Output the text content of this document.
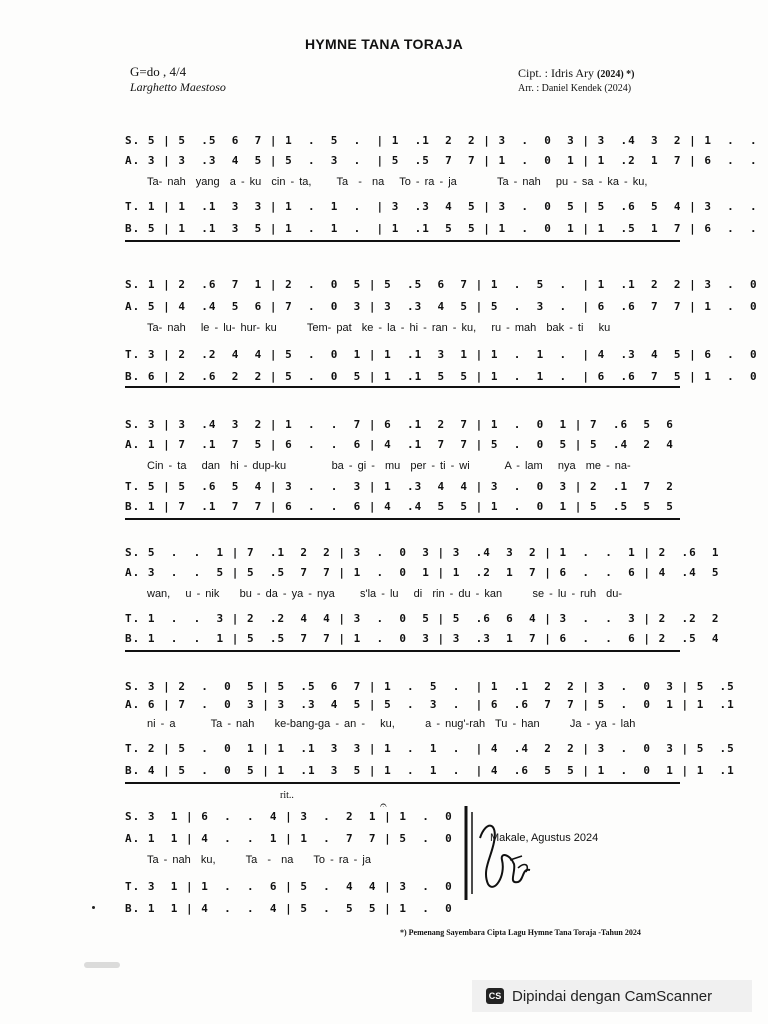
HYMNE TANA TORAJA
G=do , 4/4
Larghetto Maestoso
Cipt. : Idris Ary (2024) *)
Arr. : Daniel Kendek (2024)
S. 5 | 5  .5  6  7 | 1  .  5  .  | 1  .1  2  2 | 3  .  0  3 | 3  .4  3  2 | 1  .  .
A. 3 | 3  .3  4  5 | 5  .  3  .  | 5  .5  7  7 | 1  .  0  1 | 1  .2  1  7 | 6  .  .
Ta- nah  yang  a - ku  cin - ta,     Ta  -  na   To - ra - ja        Ta - nah   pu - sa - ka - ku,
T. 1 | 1  .1  3  3 | 1  .  1  .  | 3  .3  4  5 | 3  .  0  5 | 5  .6  5  4 | 3  .  .
B. 5 | 1  .1  3  5 | 1  .  1  .  | 1  .1  5  5 | 1  .  0  1 | 1  .5  1  7 | 6  .  .
S. 1 | 2  .6  7  1 | 2  .  0  5 | 5  .5  6  7 | 1  .  5  .  | 1  .1  2  2 | 3  .  0
A. 5 | 4  .4  5  6 | 7  .  0  3 | 3  .3  4  5 | 5  .  3  .  | 6  .6  7  7 | 1  .  0
Ta- nah   le - lu- hur- ku      Tem- pat  ke - la - hi - ran - ku,   ru - mah  bak - ti   ku
T. 3 | 2  .2  4  4 | 5  .  0  1 | 1  .1  3  1 | 1  .  1  .  | 4  .3  4  5 | 6  .  0
B. 6 | 2  .6  2  2 | 5  .  0  5 | 1  .1  5  5 | 1  .  1  .  | 6  .6  7  5 | 1  .  0
S. 3 | 3  .4  3  2 | 1  .  .  7 | 6  .1  2  7 | 1  .  0  1 | 7  .6  5  6
A. 1 | 7  .1  7  5 | 6  .  .  6 | 4  .1  7  7 | 5  .  0  5 | 5  .4  2  4
Cin - ta   dan  hi - dup-ku         ba - gi -  mu  per - ti - wi       A - lam   nya  me - na-
T. 5 | 5  .6  5  4 | 3  .  .  3 | 1  .3  4  4 | 3  .  0  3 | 2  .1  7  2
B. 1 | 7  .1  7  7 | 6  .  .  6 | 4  .4  5  5 | 1  .  0  1 | 5  .5  5  5
S. 5  .  .  1 | 7  .1  2  2 | 3  .  0  3 | 3  .4  3  2 | 1  .  .  1 | 2  .6  1
A. 3  .  .  5 | 5  .5  7  7 | 1  .  0  1 | 1  .2  1  7 | 6  .  .  6 | 4  .4  5
wan,   u - nik    bu - da - ya - nya     s'la - lu   di  rin - du - kan      se - lu - ruh  du-
T. 1  .  .  3 | 2  .2  4  4 | 3  .  0  5 | 5  .6  6  4 | 3  .  .  3 | 2  .2  2
B. 1  .  .  1 | 5  .5  7  7 | 1  .  0  3 | 3  .3  1  7 | 6  .  .  6 | 2  .5  4
S. 3 | 2  .  0  5 | 5  .5  6  7 | 1  .  5  .  | 1  .1  2  2 | 3  .  0  3 | 5  .5
A. 6 | 7  .  0  3 | 3  .3  4  5 | 5  .  3  .  | 6  .6  7  7 | 5  .  0  1 | 1  .1
ni - a       Ta - nah    ke-bang-ga - an -   ku,      a - nug'-rah  Tu - han      Ja - ya - lah
T. 2 | 5  .  0  1 | 1  .1  3  3 | 1  .  1  .  | 4  .4  2  2 | 3  .  0  3 | 5  .5
B. 4 | 5  .  0  5 | 1  .1  3  5 | 1  .  1  .  | 4  .6  5  5 | 1  .  0  1 | 1  .1
rit..
𝄐
S. 3  1 | 6  .  .  4 | 3  .  2  1 | 1  .  0
A. 1  1 | 4  .  .  1 | 1  .  7  7 | 5  .  0
Ta - nah  ku,      Ta  -  na    To - ra - ja
T. 3  1 | 1  .  .  6 | 5  .  4  4 | 3  .  0
B. 1  1 | 4  .  .  4 | 5  .  5  5 | 1  .  0
Makale, Agustus 2024
*) Pemenang Sayembara Cipta Lagu Hymne Tana Toraja -Tahun 2024
CS Dipindai dengan CamScanner
